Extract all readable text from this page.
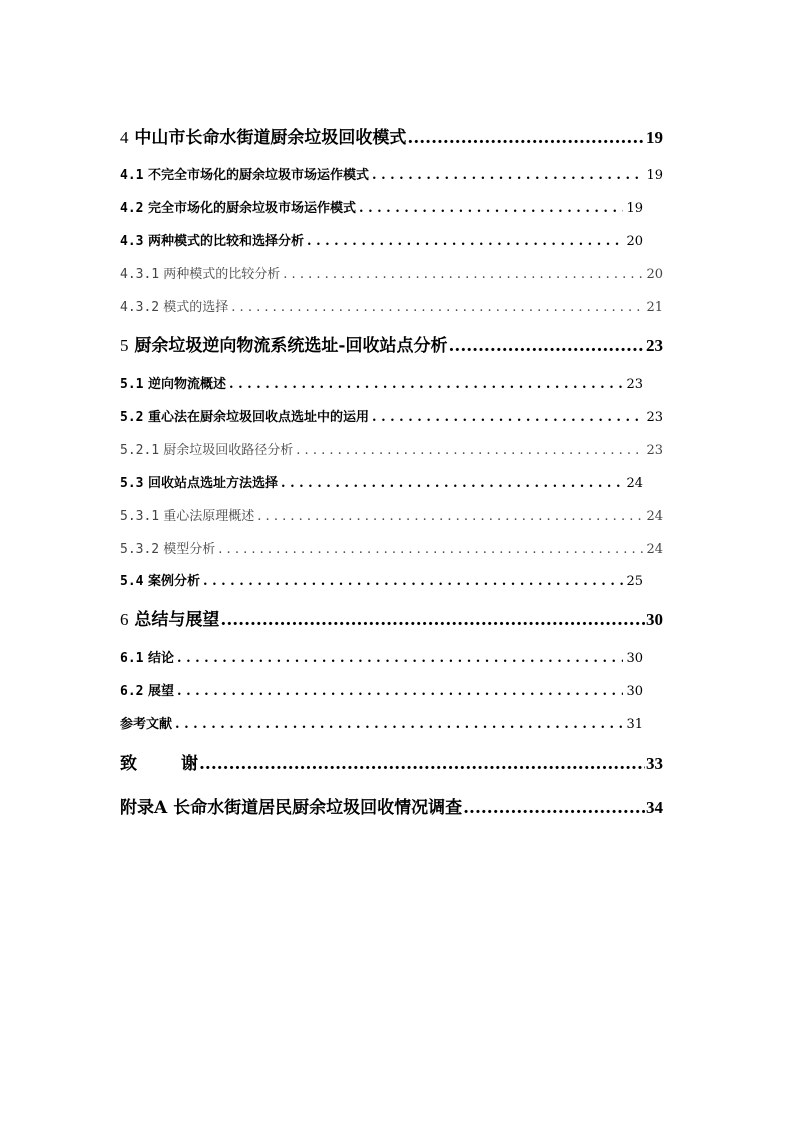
4 中山市长命水街道厨余垃圾回收模式 .....	19
4.1 不完全市场化的厨余垃圾市场运作模式 . . .	19
4.2 完全市场化的厨余垃圾市场运作模式 . . .	19
4.3 两种模式的比较和选择分析 . . .	20
4.3.1 两种模式的比较分析 . . .	20
4.3.2 模式的选择 . . .	21
5 厨余垃圾逆向物流系统选址-回收站点分析 .....	23
5.1 逆向物流概述 . . .	23
5.2 重心法在厨余垃圾回收点选址中的运用 . . .	23
5.2.1 厨余垃圾回收路径分析 . . .	23
5.3 回收站点选址方法选择 . . .	24
5.3.1 重心法原理概述 . . .	24
5.3.2 模型分析 . . .	24
5.4 案例分析 . . .	25
6 总结与展望 .....	30
6.1 结论 . . .	30
6.2 展望 . . .	30
参考文献 . . .	31
致	谢 .....	33
附录A 长命水街道居民厨余垃圾回收情况调查 .....	34
